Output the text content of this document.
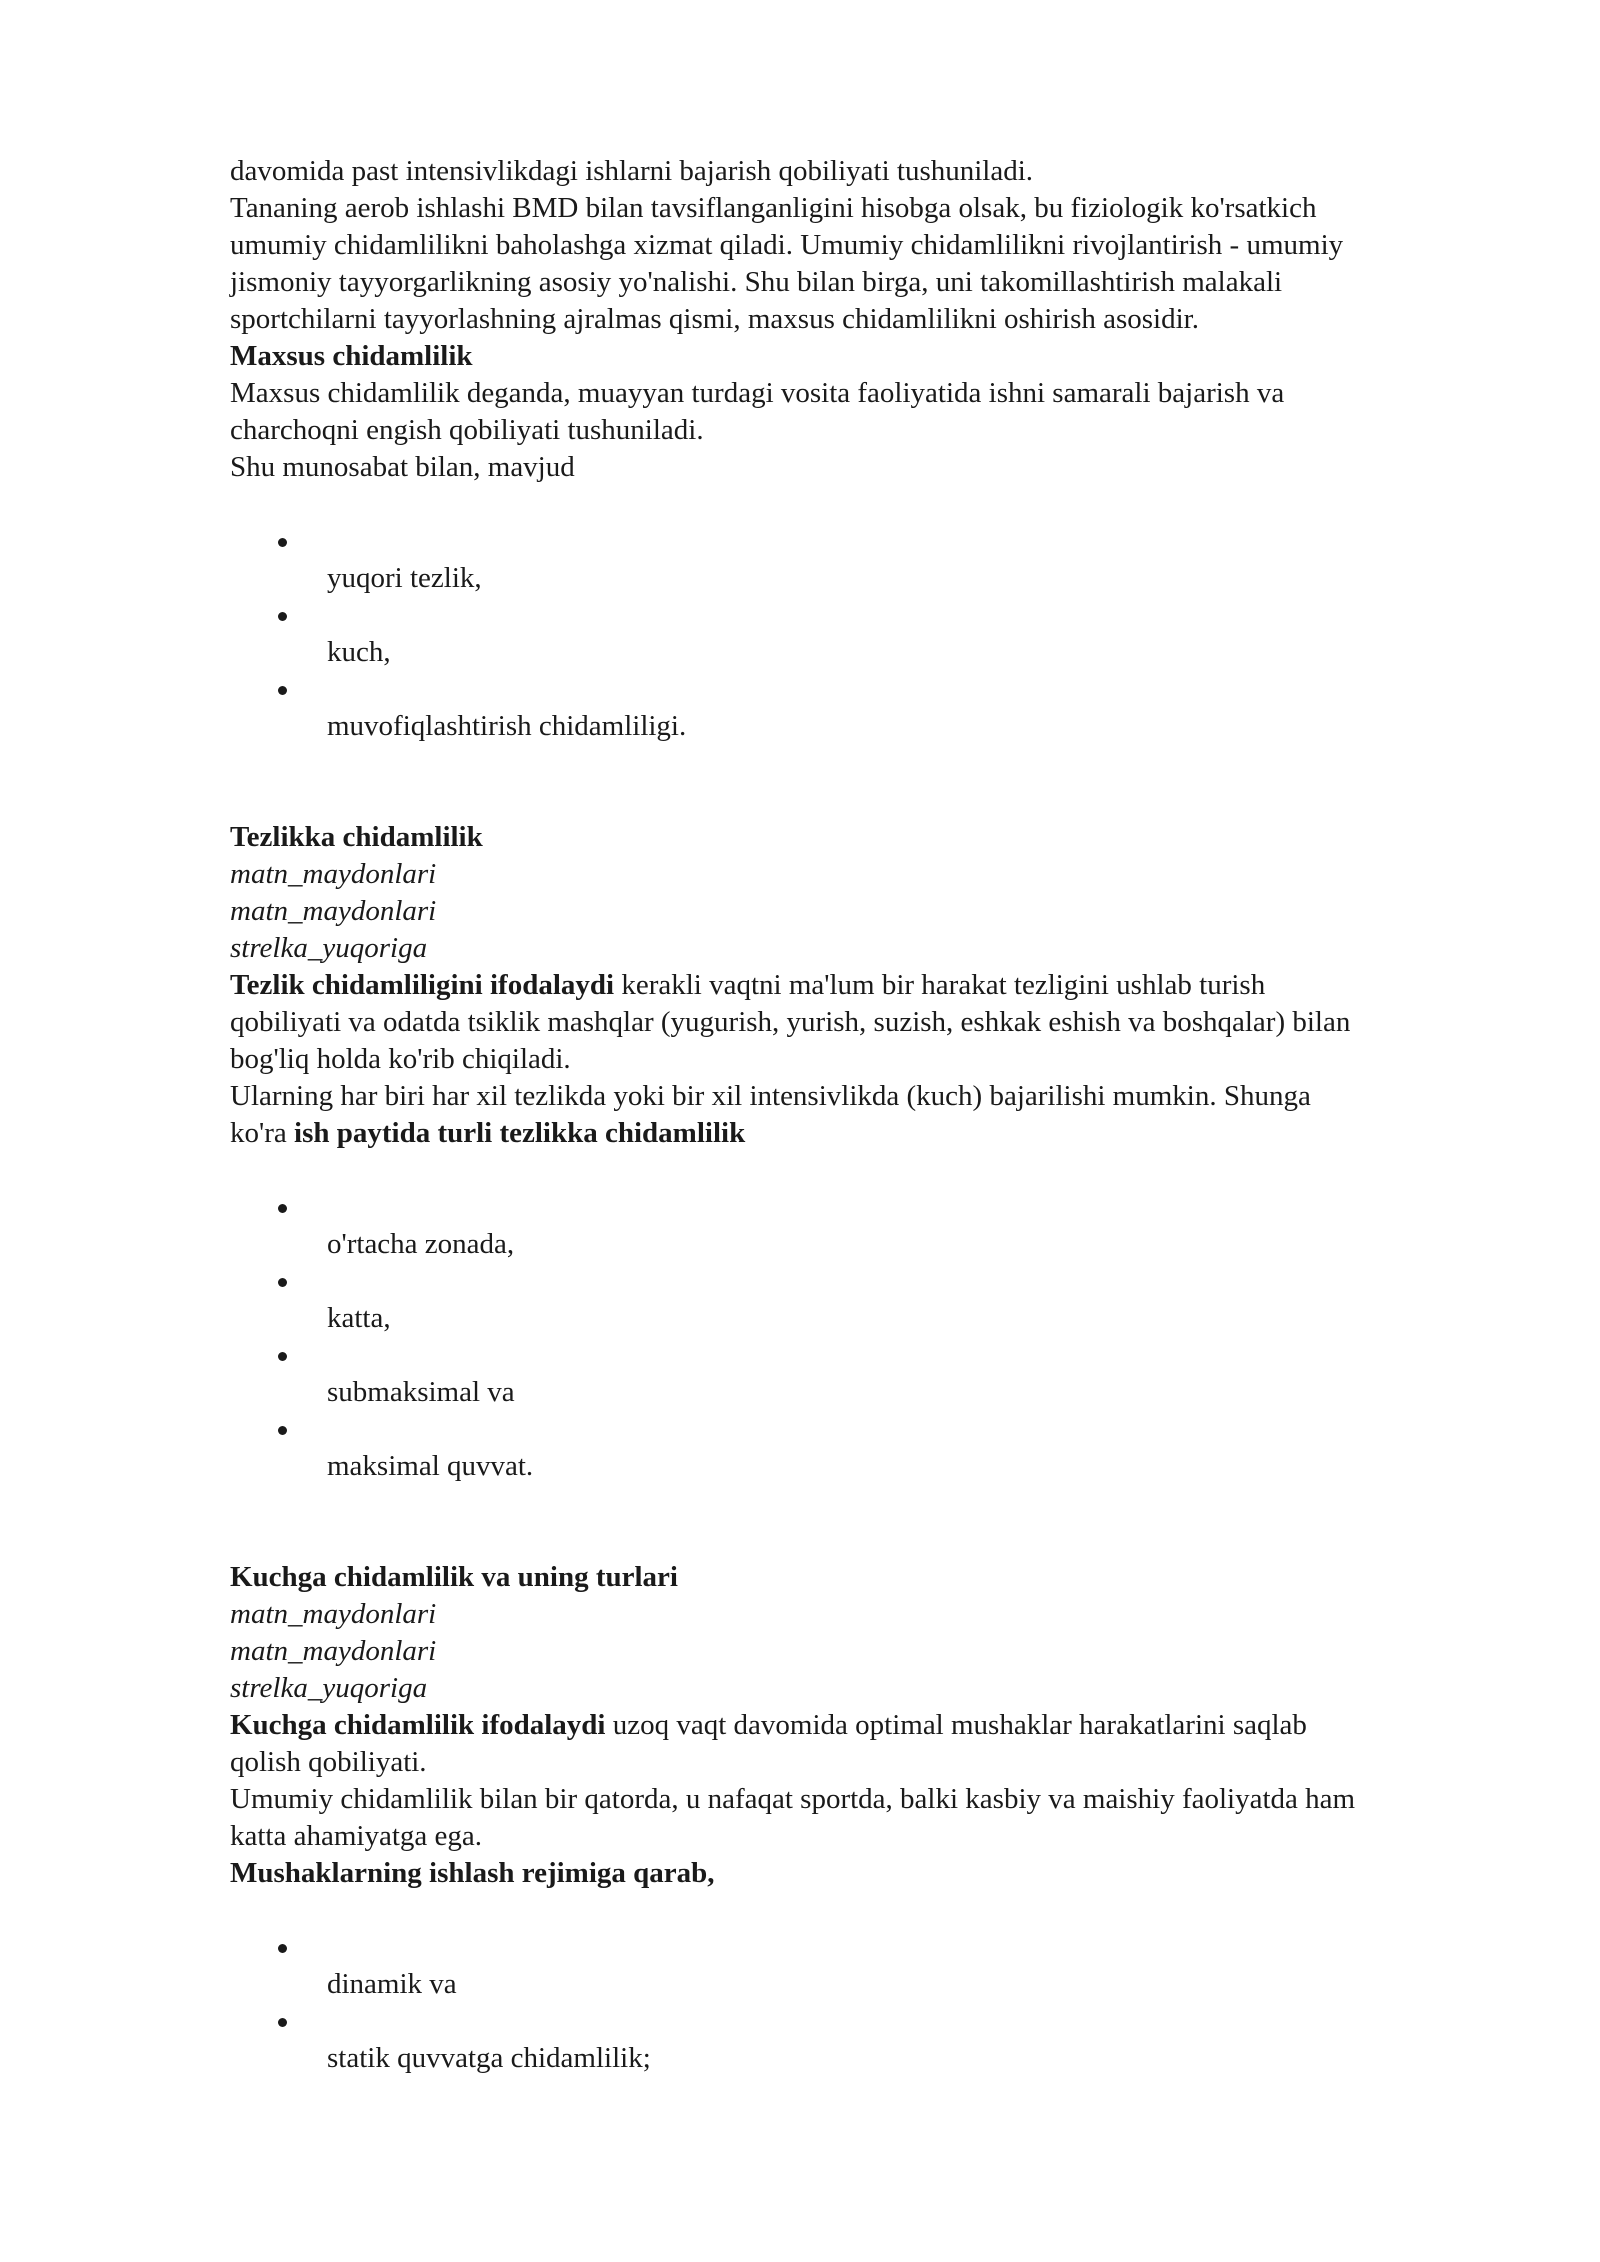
davomida past intensivlikdagi ishlarni bajarish qobiliyati tushuniladi.
Tananing aerob ishlashi BMD bilan tavsiflanganligini hisobga olsak, bu fiziologik ko'rsatkich
umumiy chidamlilikni baholashga xizmat qiladi. Umumiy chidamlilikni rivojlantirish - umumiy
jismoniy tayyorgarlikning asosiy yo'nalishi. Shu bilan birga, uni takomillashtirish malakali
sportchilarni tayyorlashning ajralmas qismi, maxsus chidamlilikni oshirish asosidir.
Maxsus chidamlilik
Maxsus chidamlilik deganda, muayyan turdagi vosita faoliyatida ishni samarali bajarish va
charchoqni engish qobiliyati tushuniladi.
Shu munosabat bilan, mavjud
yuqori tezlik,
kuch,
muvofiqlashtirish chidamliligi.
Tezlikka chidamlilik
matn_maydonlari
matn_maydonlari
strelka_yuqoriga
Tezlik chidamliligini ifodalaydi kerakli vaqtni ma'lum bir harakat tezligini ushlab turish
qobiliyati va odatda tsiklik mashqlar (yugurish, yurish, suzish, eshkak eshish va boshqalar) bilan
bog'liq holda ko'rib chiqiladi.
Ularning har biri har xil tezlikda yoki bir xil intensivlikda (kuch) bajarilishi mumkin. Shunga
ko'ra ish paytida turli tezlikka chidamlilik
o'rtacha zonada,
katta,
submaksimal va
maksimal quvvat.
Kuchga chidamlilik va uning turlari
matn_maydonlari
matn_maydonlari
strelka_yuqoriga
Kuchga chidamlilik ifodalaydi uzoq vaqt davomida optimal mushaklar harakatlarini saqlab
qolish qobiliyati.
Umumiy chidamlilik bilan bir qatorda, u nafaqat sportda, balki kasbiy va maishiy faoliyatda ham
katta ahamiyatga ega.
Mushaklarning ishlash rejimiga qarab,
dinamik va
statik quvvatga chidamlilik;
